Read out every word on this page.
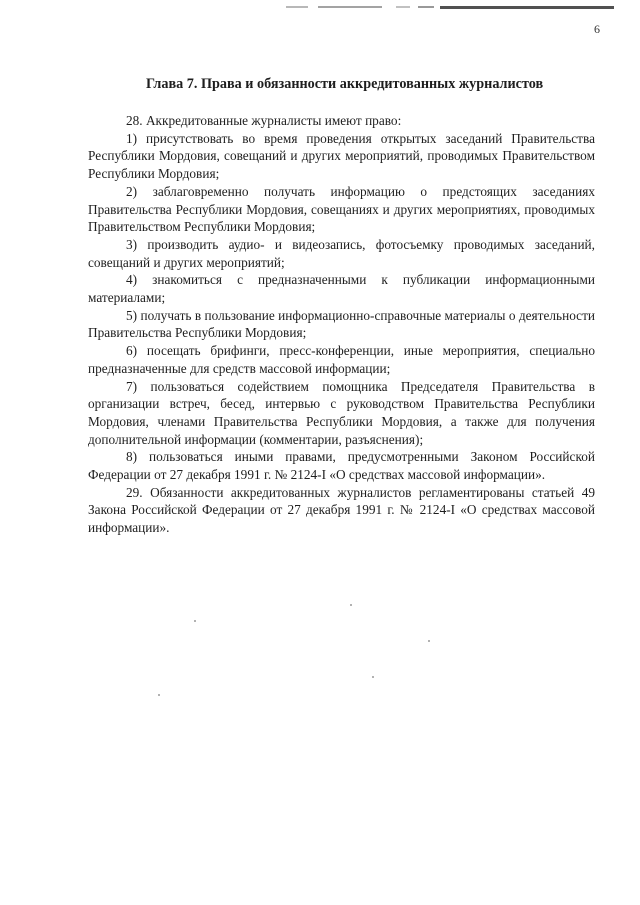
6
Глава 7. Права и обязанности аккредитованных журналистов

28. Аккредитованные журналисты имеют право:

1) присутствовать во время проведения открытых заседаний Правительства Республики Мордовия, совещаний и других мероприятий, проводимых Правительством Республики Мордовия;

2) заблаговременно получать информацию о предстоящих заседаниях Правительства Республики Мордовия, совещаниях и других мероприятиях, проводимых Правительством Республики Мордовия;

3) производить аудио- и видеозапись, фотосъемку проводимых заседаний, совещаний и других мероприятий;

4) знакомиться с предназначенными к публикации информационными материалами;

5) получать в пользование информационно-справочные материалы о деятельности Правительства Республики Мордовия;

6) посещать брифинги, пресс-конференции, иные мероприятия, специально предназначенные для средств массовой информации;

7) пользоваться содействием помощника Председателя Правительства в организации встреч, бесед, интервью с руководством Правительства Республики Мордовия, членами Правительства Республики Мордовия, а также для получения дополнительной информации (комментарии, разъяснения);

8) пользоваться иными правами, предусмотренными Законом Российской Федерации от 27 декабря 1991 г. № 2124-I «О средствах массовой информации».

29. Обязанности аккредитованных журналистов регламентированы статьей 49 Закона Российской Федерации от 27 декабря 1991 г. № 2124-I «О средствах массовой информации».
